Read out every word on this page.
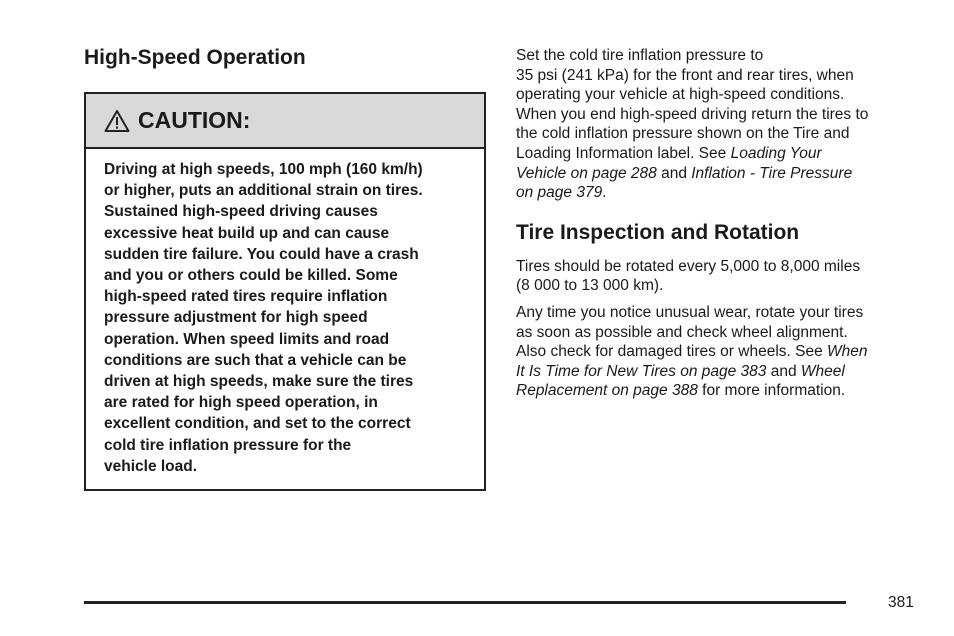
High-Speed Operation
CAUTION:
Driving at high speeds, 100 mph (160 km/h)
or higher, puts an additional strain on tires.
Sustained high-speed driving causes
excessive heat build up and can cause
sudden tire failure. You could have a crash
and you or others could be killed. Some
high-speed rated tires require inflation
pressure adjustment for high speed
operation. When speed limits and road
conditions are such that a vehicle can be
driven at high speeds, make sure the tires
are rated for high speed operation, in
excellent condition, and set to the correct
cold tire inflation pressure for the
vehicle load.
Set the cold tire inflation pressure to
35 psi (241 kPa) for the front and rear tires, when
operating your vehicle at high-speed conditions.
When you end high-speed driving return the tires to
the cold inflation pressure shown on the Tire and
Loading Information label. See Loading Your
Vehicle on page 288 and Inflation - Tire Pressure
on page 379.
Tire Inspection and Rotation
Tires should be rotated every 5,000 to 8,000 miles
(8 000 to 13 000 km).
Any time you notice unusual wear, rotate your tires
as soon as possible and check wheel alignment.
Also check for damaged tires or wheels. See When
It Is Time for New Tires on page 383 and Wheel
Replacement on page 388 for more information.
381
